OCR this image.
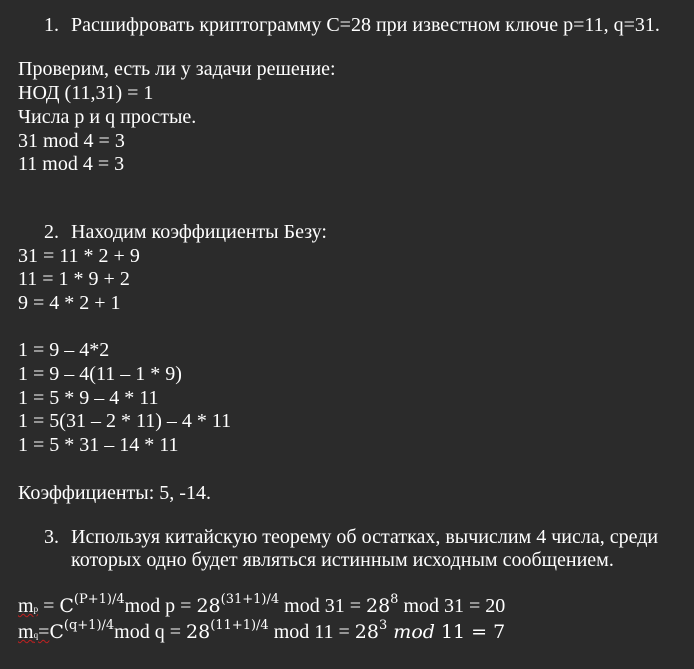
1. Расшифровать криптограмму C=28 при известном ключе p=11, q=31.
Проверим, есть ли у задачи решение:
НОД (11,31) = 1
Числа p и q простые.
31 mod 4 = 3
11 mod 4 = 3
2. Находим коэффициенты Безу:
31 = 11 * 2 + 9
11 = 1 * 9 + 2
9 = 4 * 2 + 1
1 = 9 – 4*2
1 = 9 – 4(11 – 1 * 9)
1 = 5 * 9 – 4 * 11
1 = 5(31 – 2 * 11) – 4 * 11
1 = 5 * 31 – 14 * 11
Коэффициенты: 5, -14.
3. Используя китайскую теорему об остатках, вычислим 4 числа, среди которых одно будет являться истинным исходным сообщением.
mp = $C^{(P+1)/4}mod$ $p = 28^{(31+1)/4}$ mod $31 = 28^8$ mod 31 = 20
$mq=C^{(q+1)/4}mod$ $q = 28^{(11+1)/4}$ mod $11 = 28^3$ mod 11 = 7
